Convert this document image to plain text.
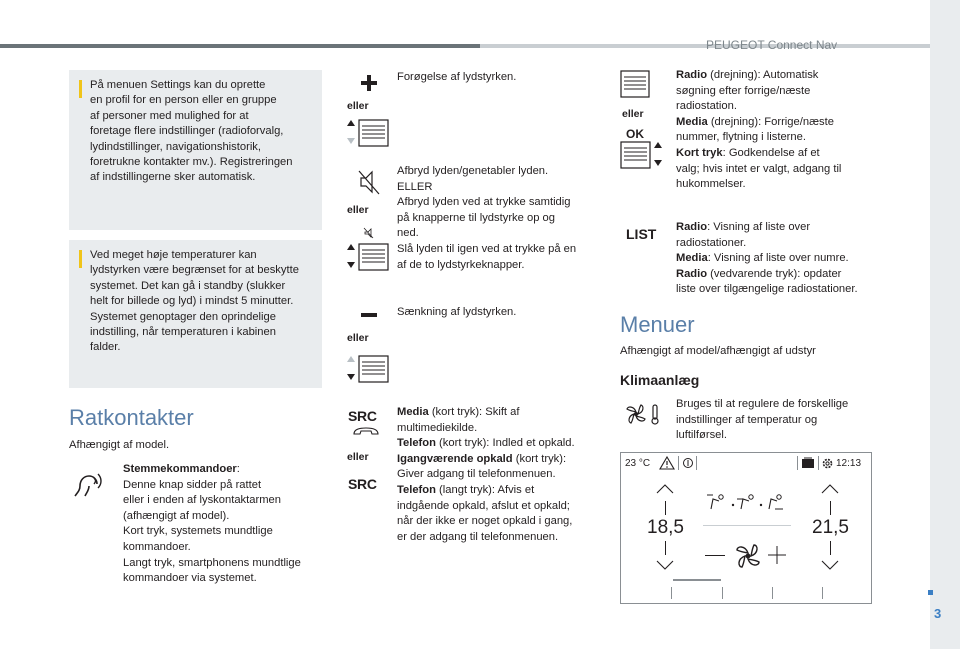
PEUGEOT Connect Nav
3
På menuen Settings kan du oprette
en profil for en person eller en gruppe
af personer med mulighed for at
foretage flere indstillinger (radioforvalg,
lydindstillinger, navigationshistorik,
foretrukne kontakter mv.). Registreringen
af indstillingerne sker automatisk.
Ved meget høje temperaturer kan
lydstyrken være begrænset for at beskytte
systemet. Det kan gå i standby (slukker
helt for billede og lyd) i mindst 5 minutter.
Systemet genoptager den oprindelige
indstilling, når temperaturen i kabinen
falder.
Ratkontakter
Afhængigt af model.
Stemmekommandoer:
Denne knap sidder på rattet
eller i enden af lyskontaktarmen
(afhængigt af model).
Kort tryk, systemets mundtlige
kommandoer.
Langt tryk, smartphonens mundtlige
kommandoer via systemet.
eller
Forøgelse af lydstyrken.
eller
Afbryd lyden/genetabler lyden.
ELLER
Afbryd lyden ved at trykke samtidig
på knapperne til lydstyrke op og
ned.
Slå lyden til igen ved at trykke på en
af de to lydstyrkeknapper.
eller
Sænkning af lydstyrken.
SRC
eller
SRC
Media (kort tryk): Skift af
multimediekilde.
Telefon (kort tryk): Indled et opkald.
Igangværende opkald (kort tryk):
Giver adgang til telefonmenuen.
Telefon (langt tryk): Afvis et
indgående opkald, afslut et opkald;
når der ikke er noget opkald i gang,
er der adgang til telefonmenuen.
eller
OK
Radio (drejning): Automatisk
søgning efter forrige/næste
radiostation.
Media (drejning): Forrige/næste
nummer, flytning i listerne.
Kort tryk: Godkendelse af et
valg; hvis intet er valgt, adgang til
hukommelser.
LIST Radio: Visning af liste over
radiostationer.
Media: Visning af liste over numre.
Radio (vedvarende tryk): opdater
liste over tilgængelige radiostationer.
Menuer
Afhængigt af model/afhængigt af udstyr
Klimaanlæg
Bruges til at regulere de forskellige
indstillinger af temperatur og
luftilførsel.
23 °C	12:13
18,5	21,5
